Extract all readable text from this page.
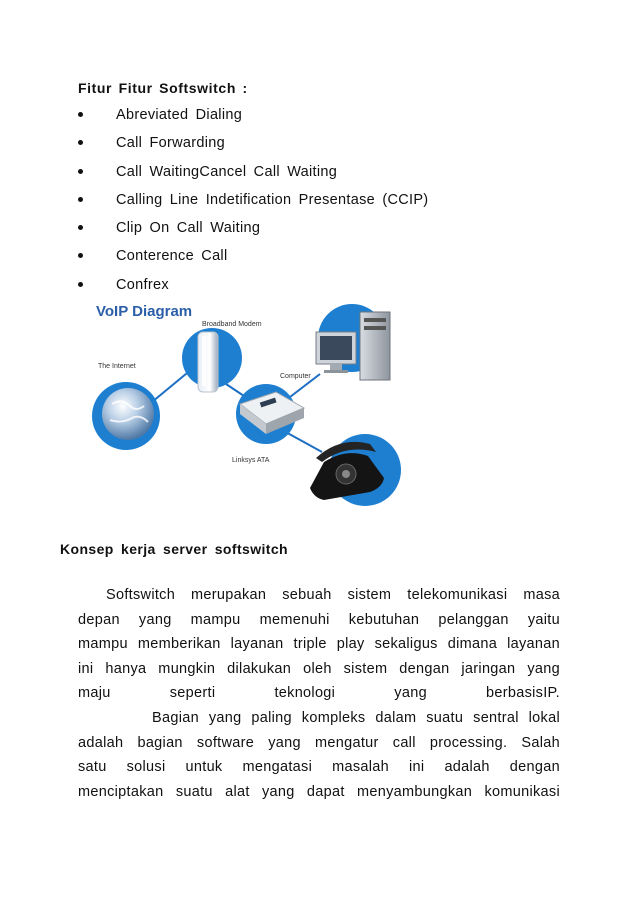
Fitur Fitur Softswitch :
Abreviated Dialing
Call Forwarding
Call WaitingCancel Call Waiting
Calling Line Indetification Presentase (CCIP)
Clip On Call Waiting
Conterence Call
Confrex
VoIP Diagram
The Internet
Broadband Modem
Computer
Linksys ATA
Konsep kerja server softswitch
Softswitch merupakan sebuah sistem telekomunikasi masa
depan yang mampu memenuhi kebutuhan pelanggan yaitu
mampu memberikan layanan triple play sekaligus dimana layanan
ini hanya mungkin dilakukan oleh sistem dengan jaringan yang
maju seperti teknologi yang berbasisIP.
Bagian yang paling kompleks dalam suatu sentral lokal
adalah bagian software yang mengatur call processing. Salah
satu solusi untuk mengatasi masalah ini adalah dengan
menciptakan suatu alat yang dapat menyambungkan komunikasi
